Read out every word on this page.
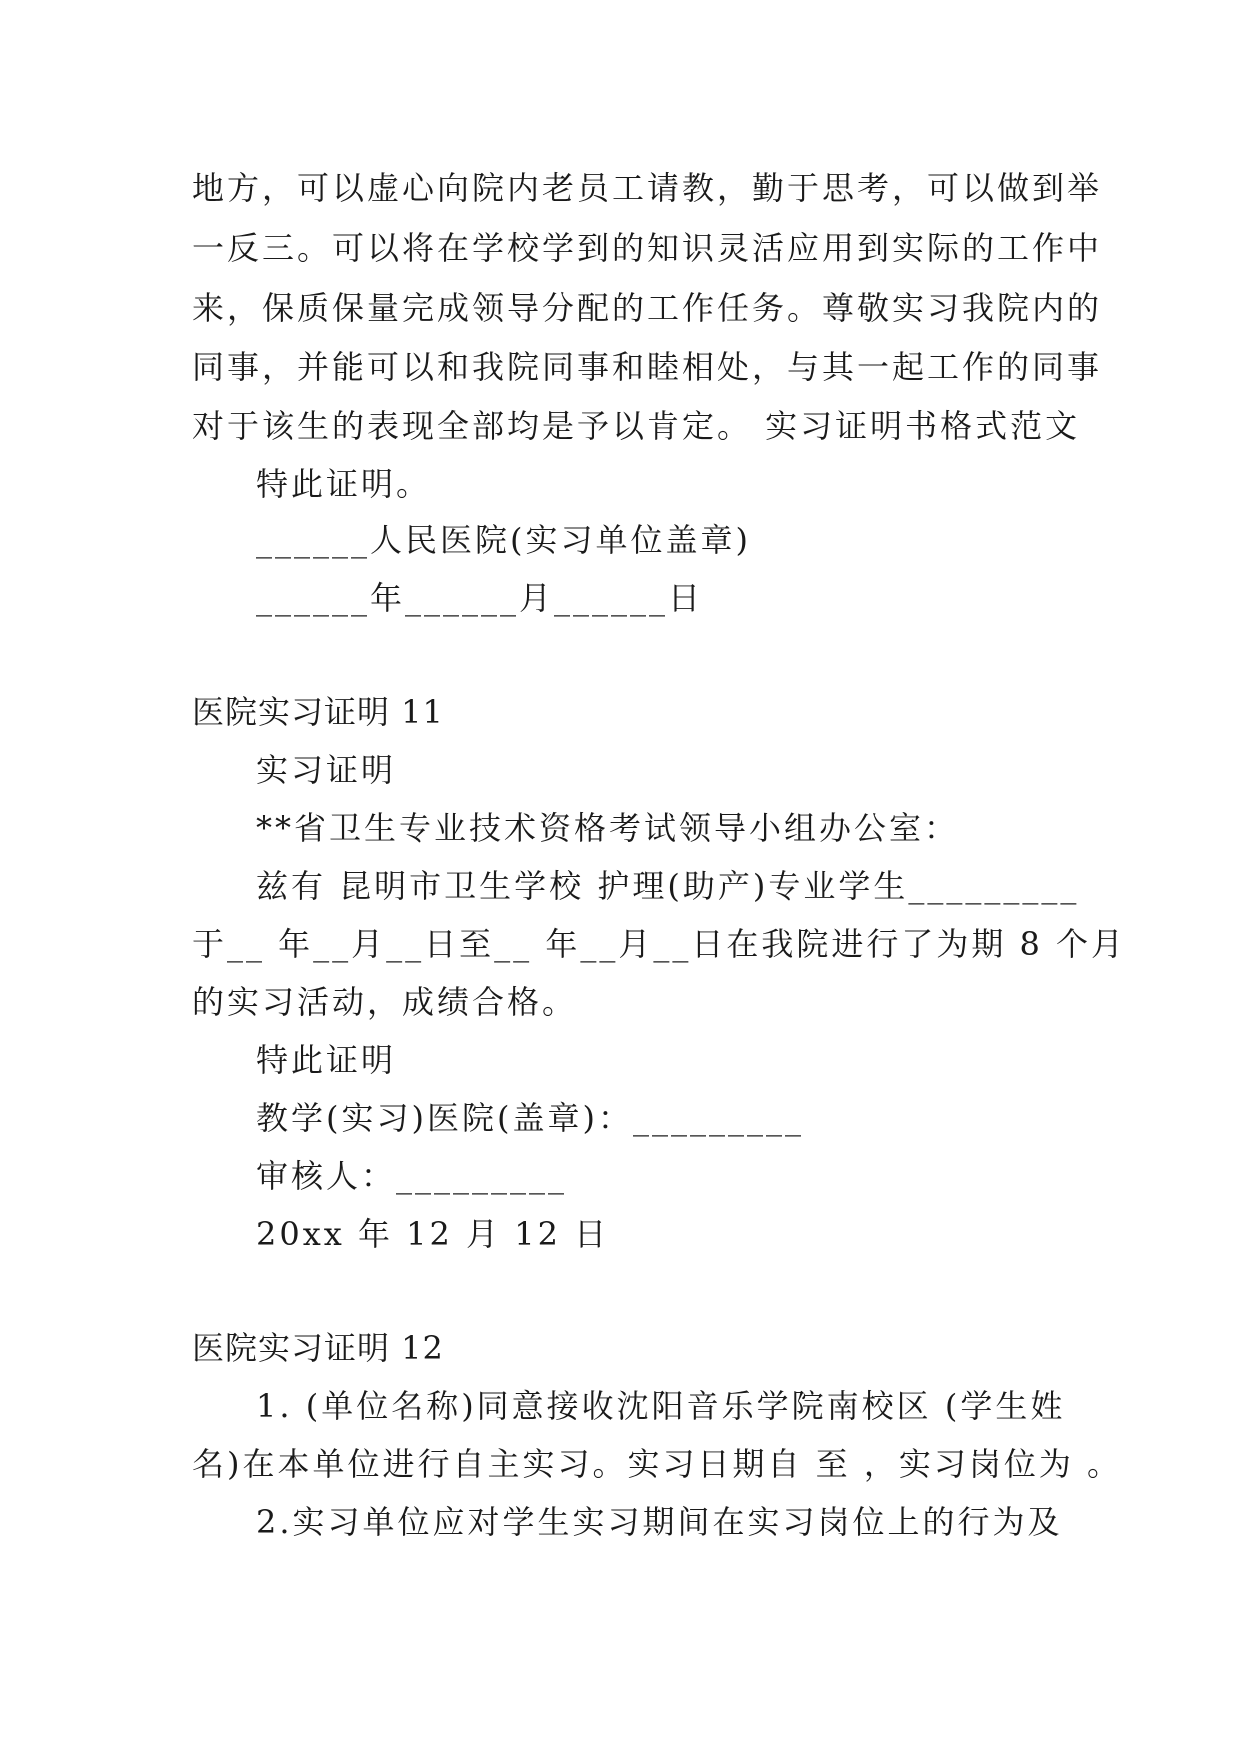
地方，可以虚心向院内老员工请教，勤于思考，可以做到举
一反三。可以将在学校学到的知识灵活应用到实际的工作中
来，保质保量完成领导分配的工作任务。尊敬实习我院内的
同事，并能可以和我院同事和睦相处，与其一起工作的同事
对于该生的表现全部均是予以肯定。 实习证明书格式范文
特此证明。
______人民医院(实习单位盖章)
______年______月______日
医院实习证明 11
实习证明
**省卫生专业技术资格考试领导小组办公室：
兹有 昆明市卫生学校 护理(助产)专业学生_________
于__ 年__月__日至__ 年__月__日在我院进行了为期 8 个月
的实习活动，成绩合格。
特此证明
教学(实习)医院(盖章)：_________
审核人：_________
20xx 年 12 月 12 日
医院实习证明 12
1. (单位名称)同意接收沈阳音乐学院南校区 (学生姓
名)在本单位进行自主实习。实习日期自 至 ，实习岗位为 。
2.实习单位应对学生实习期间在实习岗位上的行为及
